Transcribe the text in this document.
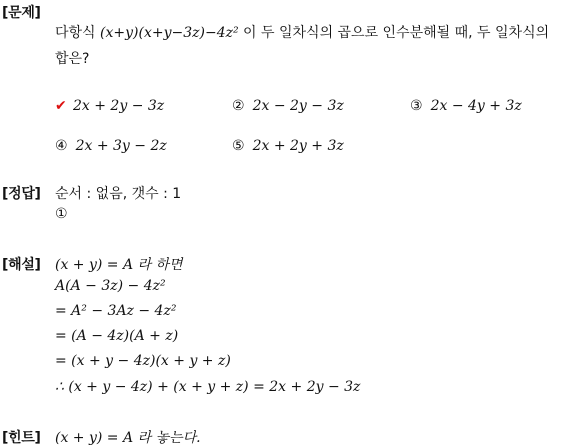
[문제]
다항식 (x+y)(x+y−3z)−4z² 이 두 일차식의 곱으로 인수분해될 때, 두 일차식의
합은?
✔ 2x + 2y − 3z	② 2x − 2y − 3z	③ 2x − 4y + 3z
④ 2x + 3y − 2z	⑤ 2x + 2y + 3z
[정답] 순서 : 없음, 갯수 : 1
①
[해설] (x + y) = A 라 하면
A(A − 3z) − 4z²
= A² − 3Az − 4z²
= (A − 4z)(A + z)
= (x + y − 4z)(x + y + z)
∴ (x + y − 4z) + (x + y + z) = 2x + 2y − 3z
[힌트] (x + y) = A 라 놓는다.
